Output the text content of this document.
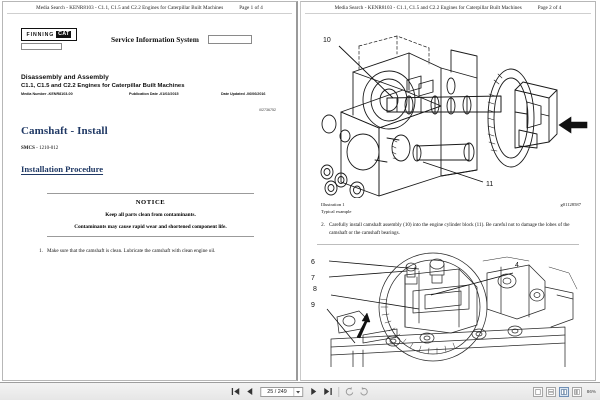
Media Search - KENR8103 - C1.1, C1.5 and C2.2 Engines for Caterpillar Built Machines	Page 1 of 4
FINNING CAT
Service Information System
Disassembly and Assembly
C1.1, C1.5 and C2.2 Engines for Caterpillar Built Machines
Media Number -KENR8103-00	Publication Date -01/02/2015	Date Updated -06/06/2016
i02736752
Camshaft - Install
SMCS - 1210-012
Installation Procedure
NOTICE
Keep all parts clean from contaminants.
Contaminants may cause rapid wear and shortened component life.
1. Make sure that the camshaft is clean. Lubricate the camshaft with clean engine oil.
Media Search - KENR8103 - C1.1, C1.5 and C2.2 Engines for Caterpillar Built Machines	Page 2 of 4
10
11
Illustration 1	g01128587
Typical example
2. Carefully install camshaft assembly (10) into the engine cylinder block (11). Be careful not to damage the lobes of the camshaft or the camshaft bearings.
6
7
8
9
4
25 / 249	86%
